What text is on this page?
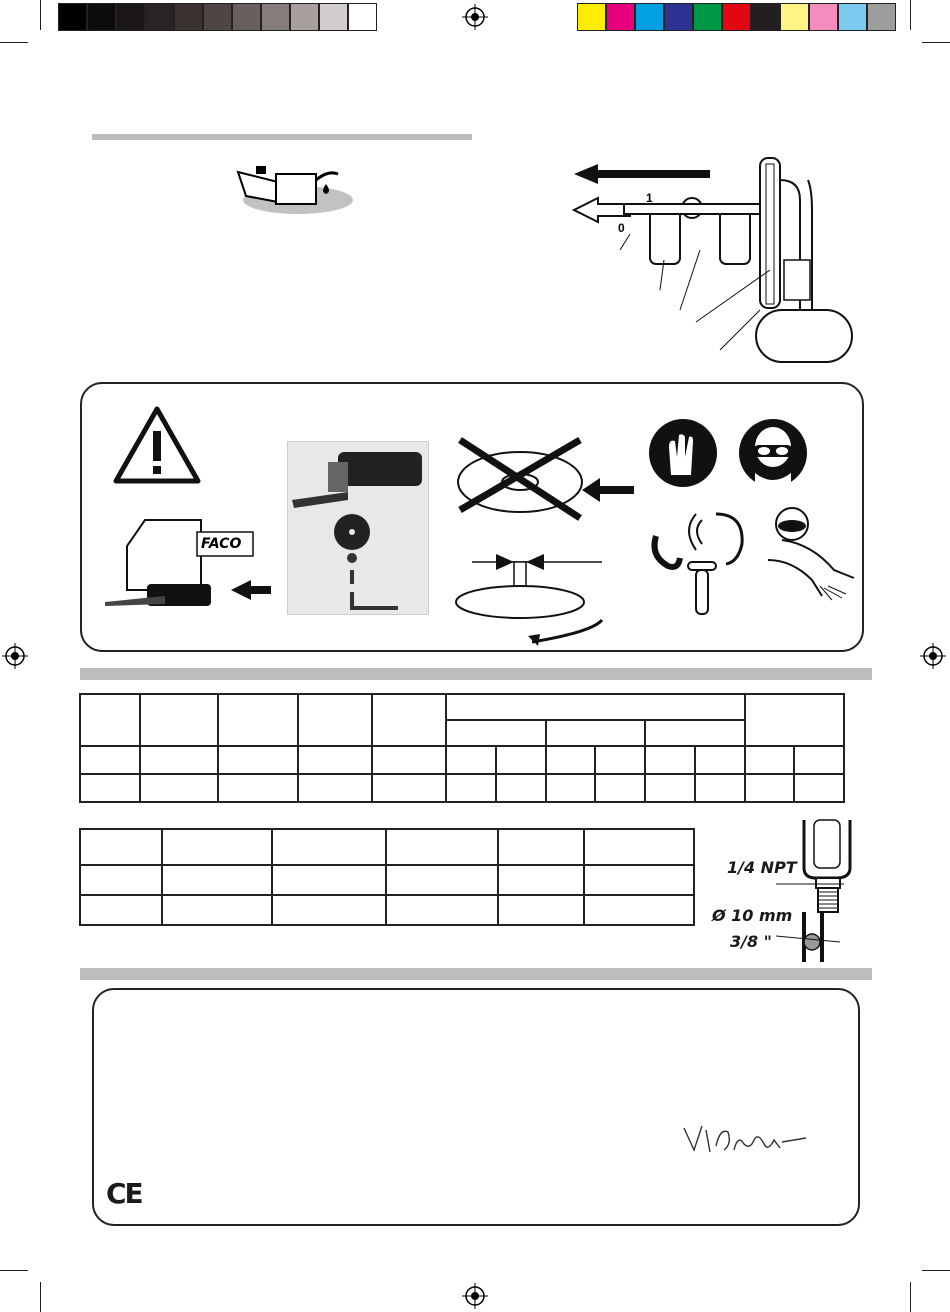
1
0
FACO

1/4 NPT
Ø 10 mm
3/8 "
CE
